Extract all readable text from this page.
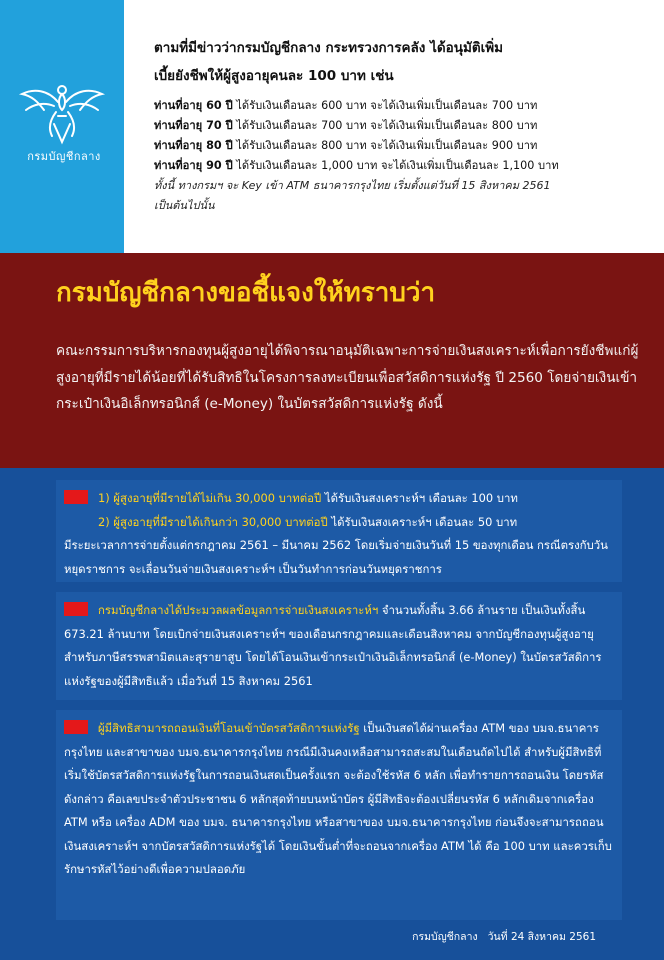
กรมบัญชีกลาง
ตามที่มีข่าวว่ากรมบัญชีกลาง กระทรวงการคลัง ได้อนุมัติเพิ่ม
เบี้ยยังชีพให้ผู้สูงอายุคนละ 100 บาท เช่น
ท่านที่อายุ 60 ปี ได้รับเงินเดือนละ 600 บาท จะได้เงินเพิ่มเป็นเดือนละ 700 บาท
ท่านที่อายุ 70 ปี ได้รับเงินเดือนละ 700 บาท จะได้เงินเพิ่มเป็นเดือนละ 800 บาท
ท่านที่อายุ 80 ปี ได้รับเงินเดือนละ 800 บาท จะได้เงินเพิ่มเป็นเดือนละ 900 บาท
ท่านที่อายุ 90 ปี ได้รับเงินเดือนละ 1,000 บาท จะได้เงินเพิ่มเป็นเดือนละ 1,100 บาท
ทั้งนี้ ทางกรมฯ จะ Key เข้า ATM ธนาคารกรุงไทย เริ่มตั้งแต่วันที่ 15 สิงหาคม 2561
เป็นต้นไปนั้น
กรมบัญชีกลางขอชี้แจงให้ทราบว่า
คณะกรรมการบริหารกองทุนผู้สูงอายุได้พิจารณาอนุมัติเฉพาะการจ่ายเงินสงเคราะห์เพื่อการยังชีพแก่ผู้สูงอายุที่มีรายได้น้อยที่ได้รับสิทธิในโครงการลงทะเบียนเพื่อสวัสดิการแห่งรัฐ ปี 2560 โดยจ่ายเงินเข้ากระเป๋าเงินอิเล็กทรอนิกส์ (e-Money) ในบัตรสวัสดิการแห่งรัฐ ดังนี้
1) ผู้สูงอายุที่มีรายได้ไม่เกิน 30,000 บาทต่อปี ได้รับเงินสงเคราะห์ฯ เดือนละ 100 บาท
2) ผู้สูงอายุที่มีรายได้เกินกว่า 30,000 บาทต่อปี ได้รับเงินสงเคราะห์ฯ เดือนละ 50 บาท
มีระยะเวลาการจ่ายตั้งแต่กรกฎาคม 2561 – มีนาคม 2562 โดยเริ่มจ่ายเงินวันที่ 15 ของทุกเดือน กรณีตรงกับวันหยุดราชการ จะเลื่อนวันจ่ายเงินสงเคราะห์ฯ เป็นวันทำการก่อนวันหยุดราชการ
กรมบัญชีกลางได้ประมวลผลข้อมูลการจ่ายเงินสงเคราะห์ฯ จำนวนทั้งสิ้น 3.66 ล้านราย เป็นเงินทั้งสิ้น 673.21 ล้านบาท โดยเบิกจ่ายเงินสงเคราะห์ฯ ของเดือนกรกฎาคมและเดือนสิงหาคม จากบัญชีกองทุนผู้สูงอายุสำหรับภาษีสรรพสามิตและสุรายาสูบ โดยได้โอนเงินเข้ากระเป๋าเงินอิเล็กทรอนิกส์ (e-Money) ในบัตรสวัสดิการแห่งรัฐของผู้มีสิทธิแล้ว เมื่อวันที่ 15 สิงหาคม 2561
ผู้มีสิทธิสามารถถอนเงินที่โอนเข้าบัตรสวัสดิการแห่งรัฐ เป็นเงินสดได้ผ่านเครื่อง ATM ของ บมจ.ธนาคารกรุงไทย และสาขาของ บมจ.ธนาคารกรุงไทย กรณีมีเงินคงเหลือสามารถสะสมในเดือนถัดไปได้ สำหรับผู้มีสิทธิที่เริ่มใช้บัตรสวัสดิการแห่งรัฐในการถอนเงินสดเป็นครั้งแรก จะต้องใช้รหัส 6 หลัก เพื่อทำรายการถอนเงิน โดยรหัสดังกล่าว คือเลขประจำตัวประชาชน 6 หลักสุดท้ายบนหน้าบัตร ผู้มีสิทธิจะต้องเปลี่ยนรหัส 6 หลักเดิมจากเครื่อง ATM หรือ เครื่อง ADM ของ บมจ. ธนาคารกรุงไทย หรือสาขาของ บมจ.ธนาคารกรุงไทย ก่อนจึงจะสามารถถอนเงินสงเคราะห์ฯ จากบัตรสวัสดิการแห่งรัฐได้ โดยเงินขั้นต่ำที่จะถอนจากเครื่อง ATM ได้ คือ 100 บาท และควรเก็บรักษารหัสไว้อย่างดีเพื่อความปลอดภัย
กรมบัญชีกลาง วันที่ 24 สิงหาคม 2561
